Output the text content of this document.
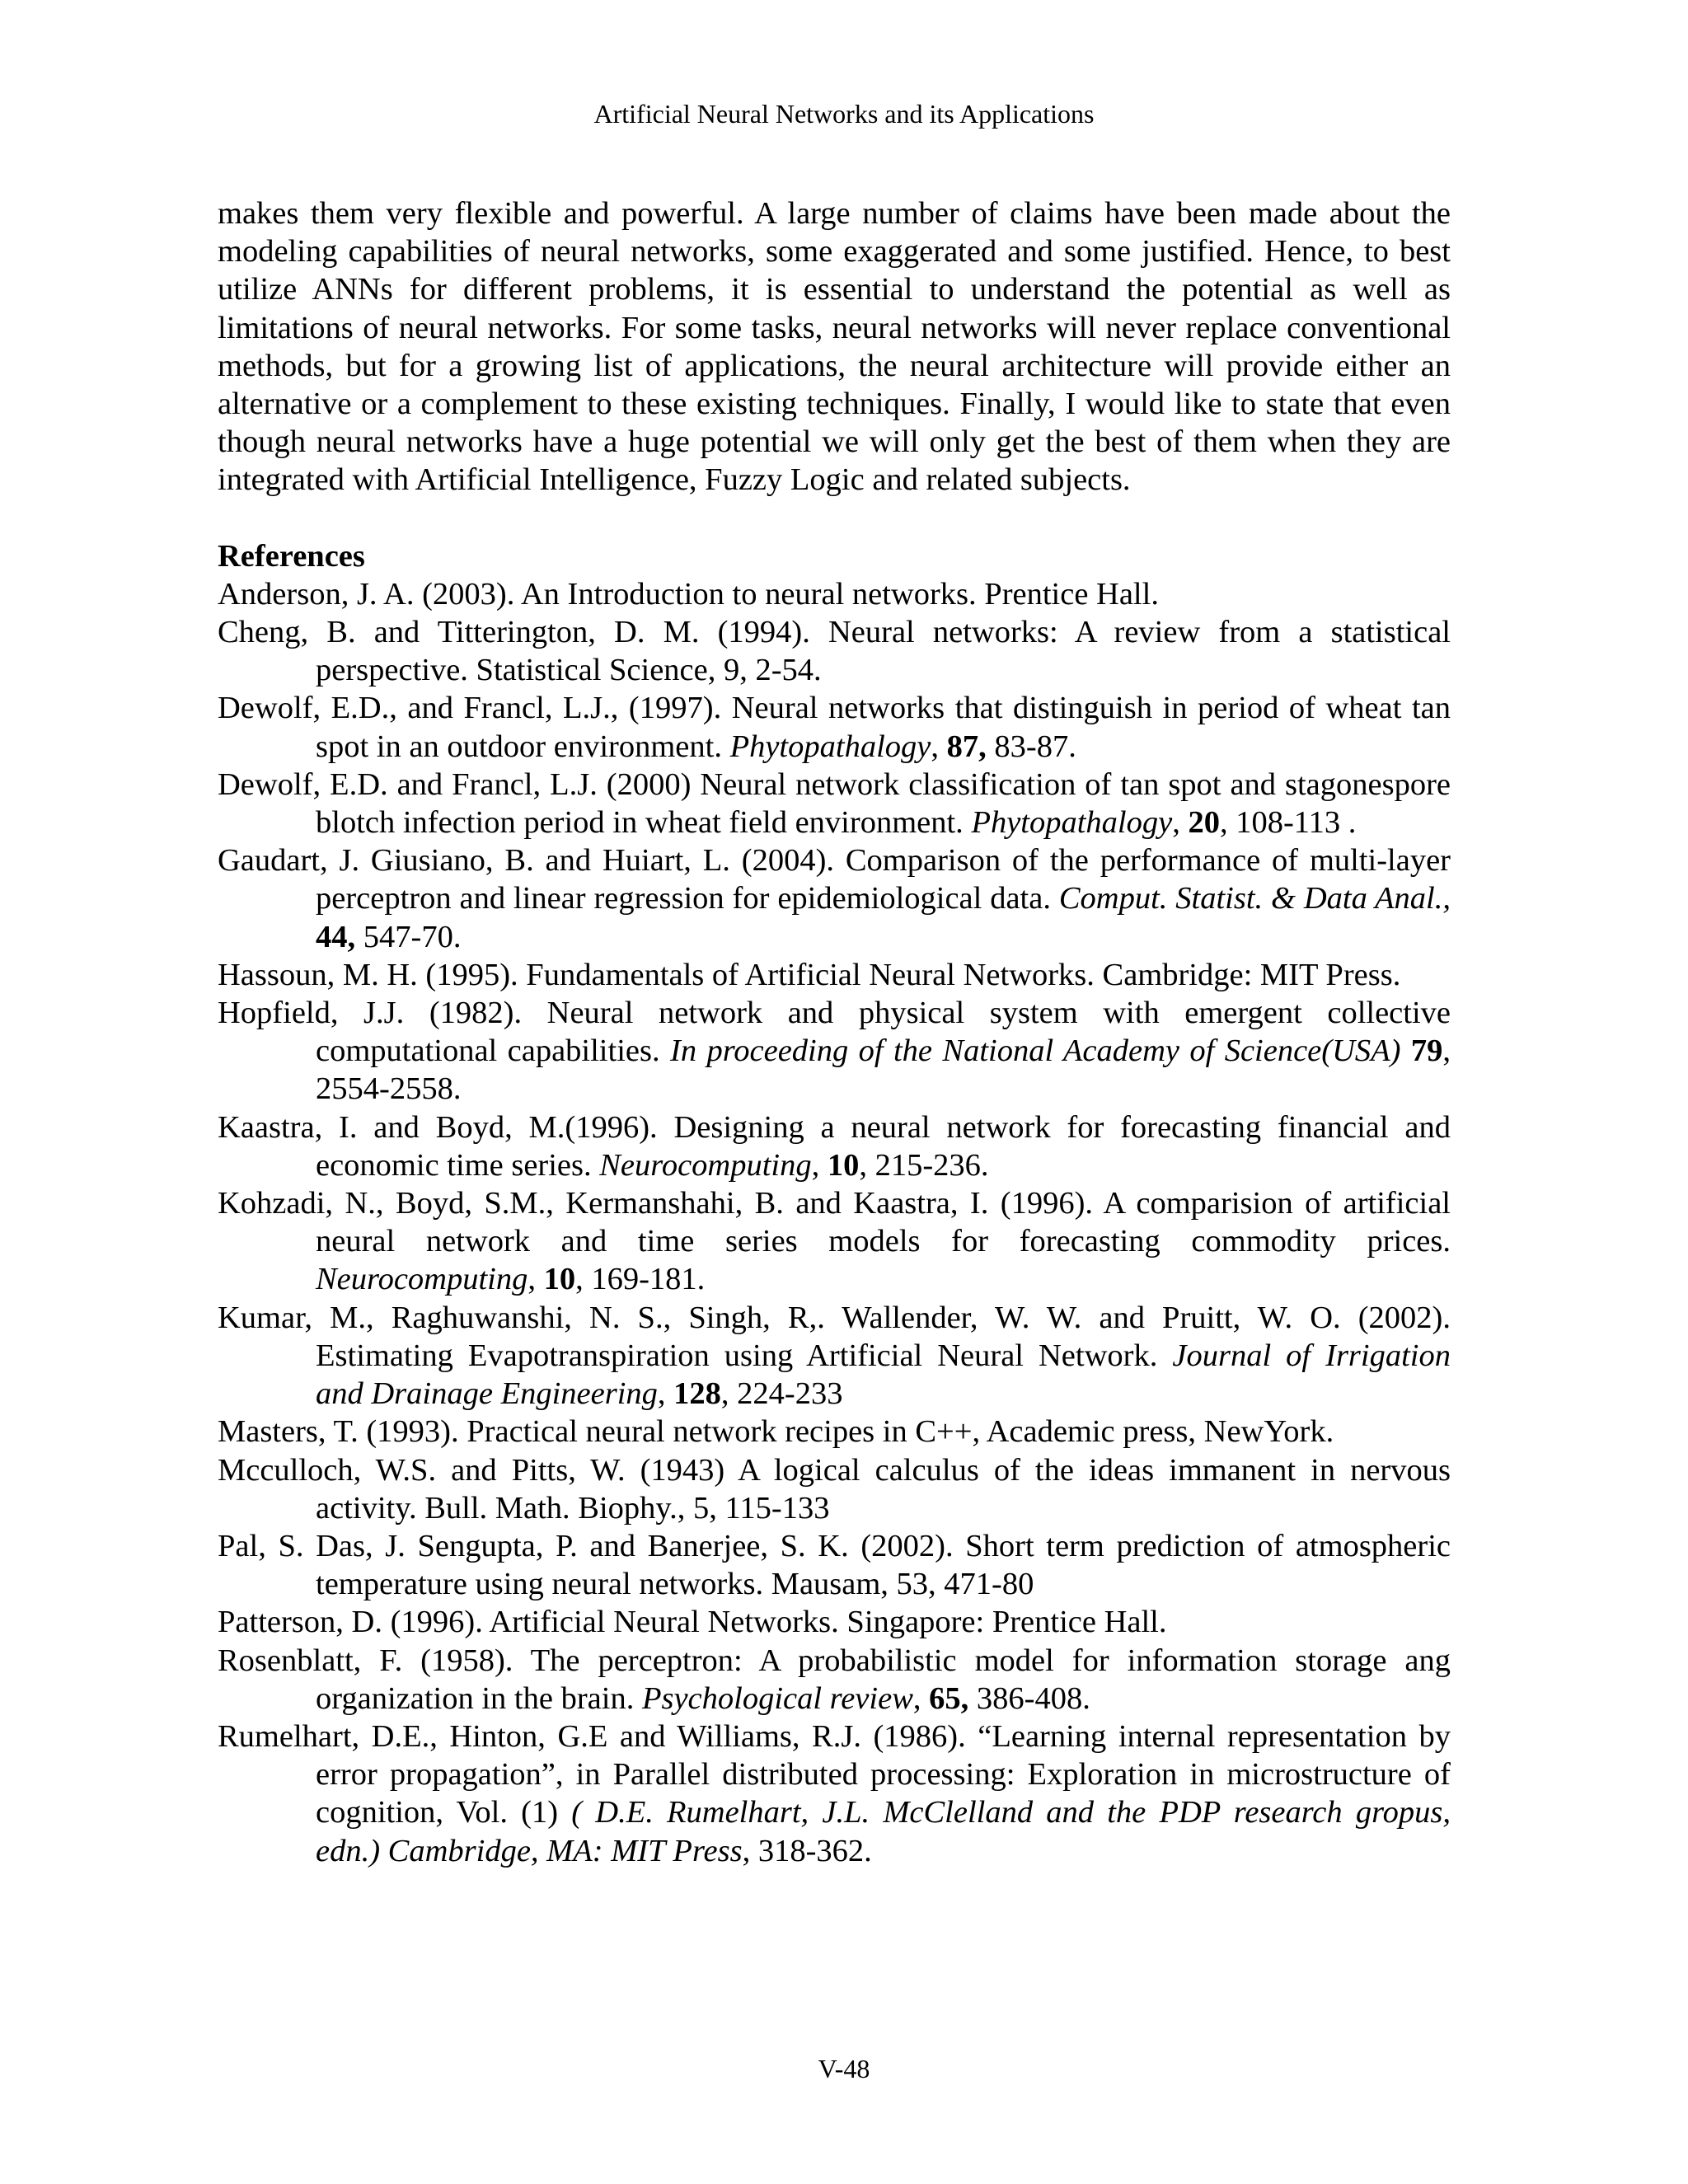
Artificial Neural Networks and its Applications

makes them very flexible and powerful. A large number of claims have been made about the modeling capabilities of neural networks, some exaggerated and some justified. Hence, to best utilize ANNs for different problems, it is essential to understand the potential as well as limitations of neural networks. For some tasks, neural networks will never replace conventional methods, but for a growing list of applications, the neural architecture will provide either an alternative or a complement to these existing techniques. Finally, I would like to state that even though neural networks have a huge potential we will only get the best of them when they are integrated with Artificial Intelligence, Fuzzy Logic and related subjects.

References
Anderson, J. A. (2003). An Introduction to neural networks. Prentice Hall.
Cheng, B. and Titterington, D. M. (1994). Neural networks: A review from a statistical perspective. Statistical Science, 9, 2-54.
Dewolf, E.D., and Francl, L.J., (1997). Neural networks that distinguish in period of wheat tan spot in an outdoor environment. Phytopathalogy, 87, 83-87.
Dewolf, E.D. and Francl, L.J. (2000) Neural network classification of tan spot and stagonespore blotch infection period in wheat field environment. Phytopathalogy, 20, 108-113 .
Gaudart, J. Giusiano, B. and Huiart, L. (2004). Comparison of the performance of multi-layer perceptron and linear regression for epidemiological data. Comput. Statist. & Data Anal., 44, 547-70.
Hassoun, M. H. (1995). Fundamentals of Artificial Neural Networks. Cambridge: MIT Press.
Hopfield, J.J. (1982). Neural network and physical system with emergent collective computational capabilities. In proceeding of the National Academy of Science(USA) 79, 2554-2558.
Kaastra, I. and Boyd, M.(1996). Designing a neural network for forecasting financial and economic time series. Neurocomputing, 10, 215-236.
Kohzadi, N., Boyd, S.M., Kermanshahi, B. and Kaastra, I. (1996). A comparision of artificial neural network and time series models for forecasting commodity prices. Neurocomputing, 10, 169-181.
Kumar, M., Raghuwanshi, N. S., Singh, R,. Wallender, W. W. and Pruitt, W. O. (2002). Estimating Evapotranspiration using Artificial Neural Network. Journal of Irrigation and Drainage Engineering, 128, 224-233
Masters, T. (1993). Practical neural network recipes in C++, Academic press, NewYork.
Mcculloch, W.S. and Pitts, W. (1943) A logical calculus of the ideas immanent in nervous activity. Bull. Math. Biophy., 5, 115-133
Pal, S. Das, J. Sengupta, P. and Banerjee, S. K. (2002). Short term prediction of atmospheric temperature using neural networks. Mausam, 53, 471-80
Patterson, D. (1996). Artificial Neural Networks. Singapore: Prentice Hall.
Rosenblatt, F. (1958). The perceptron: A probabilistic model for information storage ang organization in the brain. Psychological review, 65, 386-408.
Rumelhart, D.E., Hinton, G.E and Williams, R.J. (1986). “Learning internal representation by error propagation”, in Parallel distributed processing: Exploration in microstructure of cognition, Vol. (1) ( D.E. Rumelhart, J.L. McClelland and the PDP research gropus, edn.) Cambridge, MA: MIT Press, 318-362.
V-48
